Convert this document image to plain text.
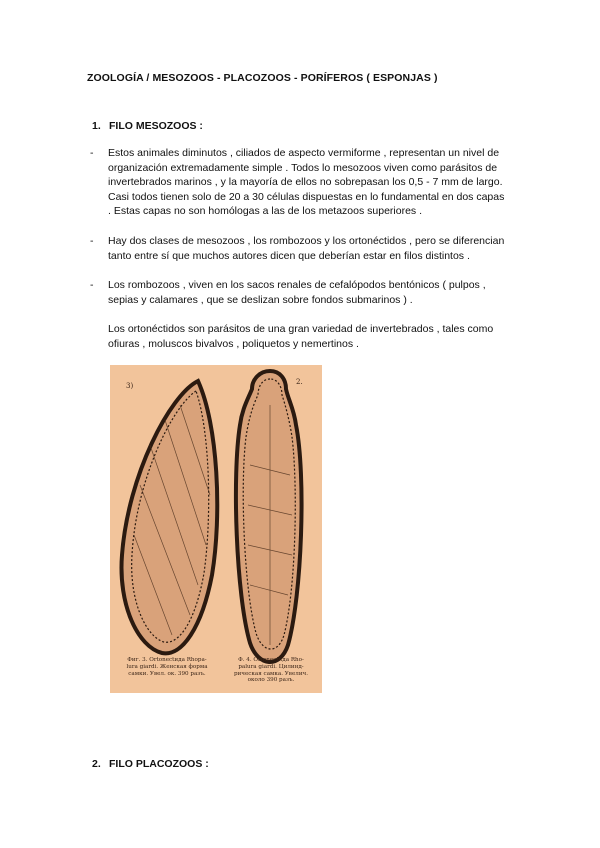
ZOOLOGÍA / MESOZOOS - PLACOZOOS - PORÍFEROS ( ESPONJAS )
1. FILO MESOZOOS :
- Estos animales diminutos , ciliados de aspecto vermiforme , representan un nivel de
organización extremadamente simple . Todos lo mesozoos viven como parásitos de
invertebrados marinos , y la mayoría de ellos no sobrepasan los 0,5 - 7 mm de largo.
Casi todos tienen solo de 20 a 30 células dispuestas en lo fundamental en dos capas
. Estas capas no son homólogas a las de los metazoos superiores .
- Hay dos clases de mesozoos , los rombozoos y los ortonéctidos , pero se diferencian
tanto entre sí que muchos autores dicen que deberían estar en filos distintos .
- Los rombozoos , viven en los sacos renales de cefalópodos bentónicos ( pulpos ,
sepias y calamares , que se deslizan sobre fondos submarinos ) .
Los ortonéctidos son parásitos de una gran variedad de invertebrados , tales como
ofiuras , moluscos bivalvos , poliquetos y nemertinos .
3)	2.
Фиг. 3. Ortonectида Rhopa-
lura giardi. Женская форма
самки. Увел. ок. 390 разъ.
Ф. 4. Ortonectида Rho-
palura giardi. Цилинд-
рическая самка. Увелич.
около 390 разъ.
2. FILO PLACOZOOS :
